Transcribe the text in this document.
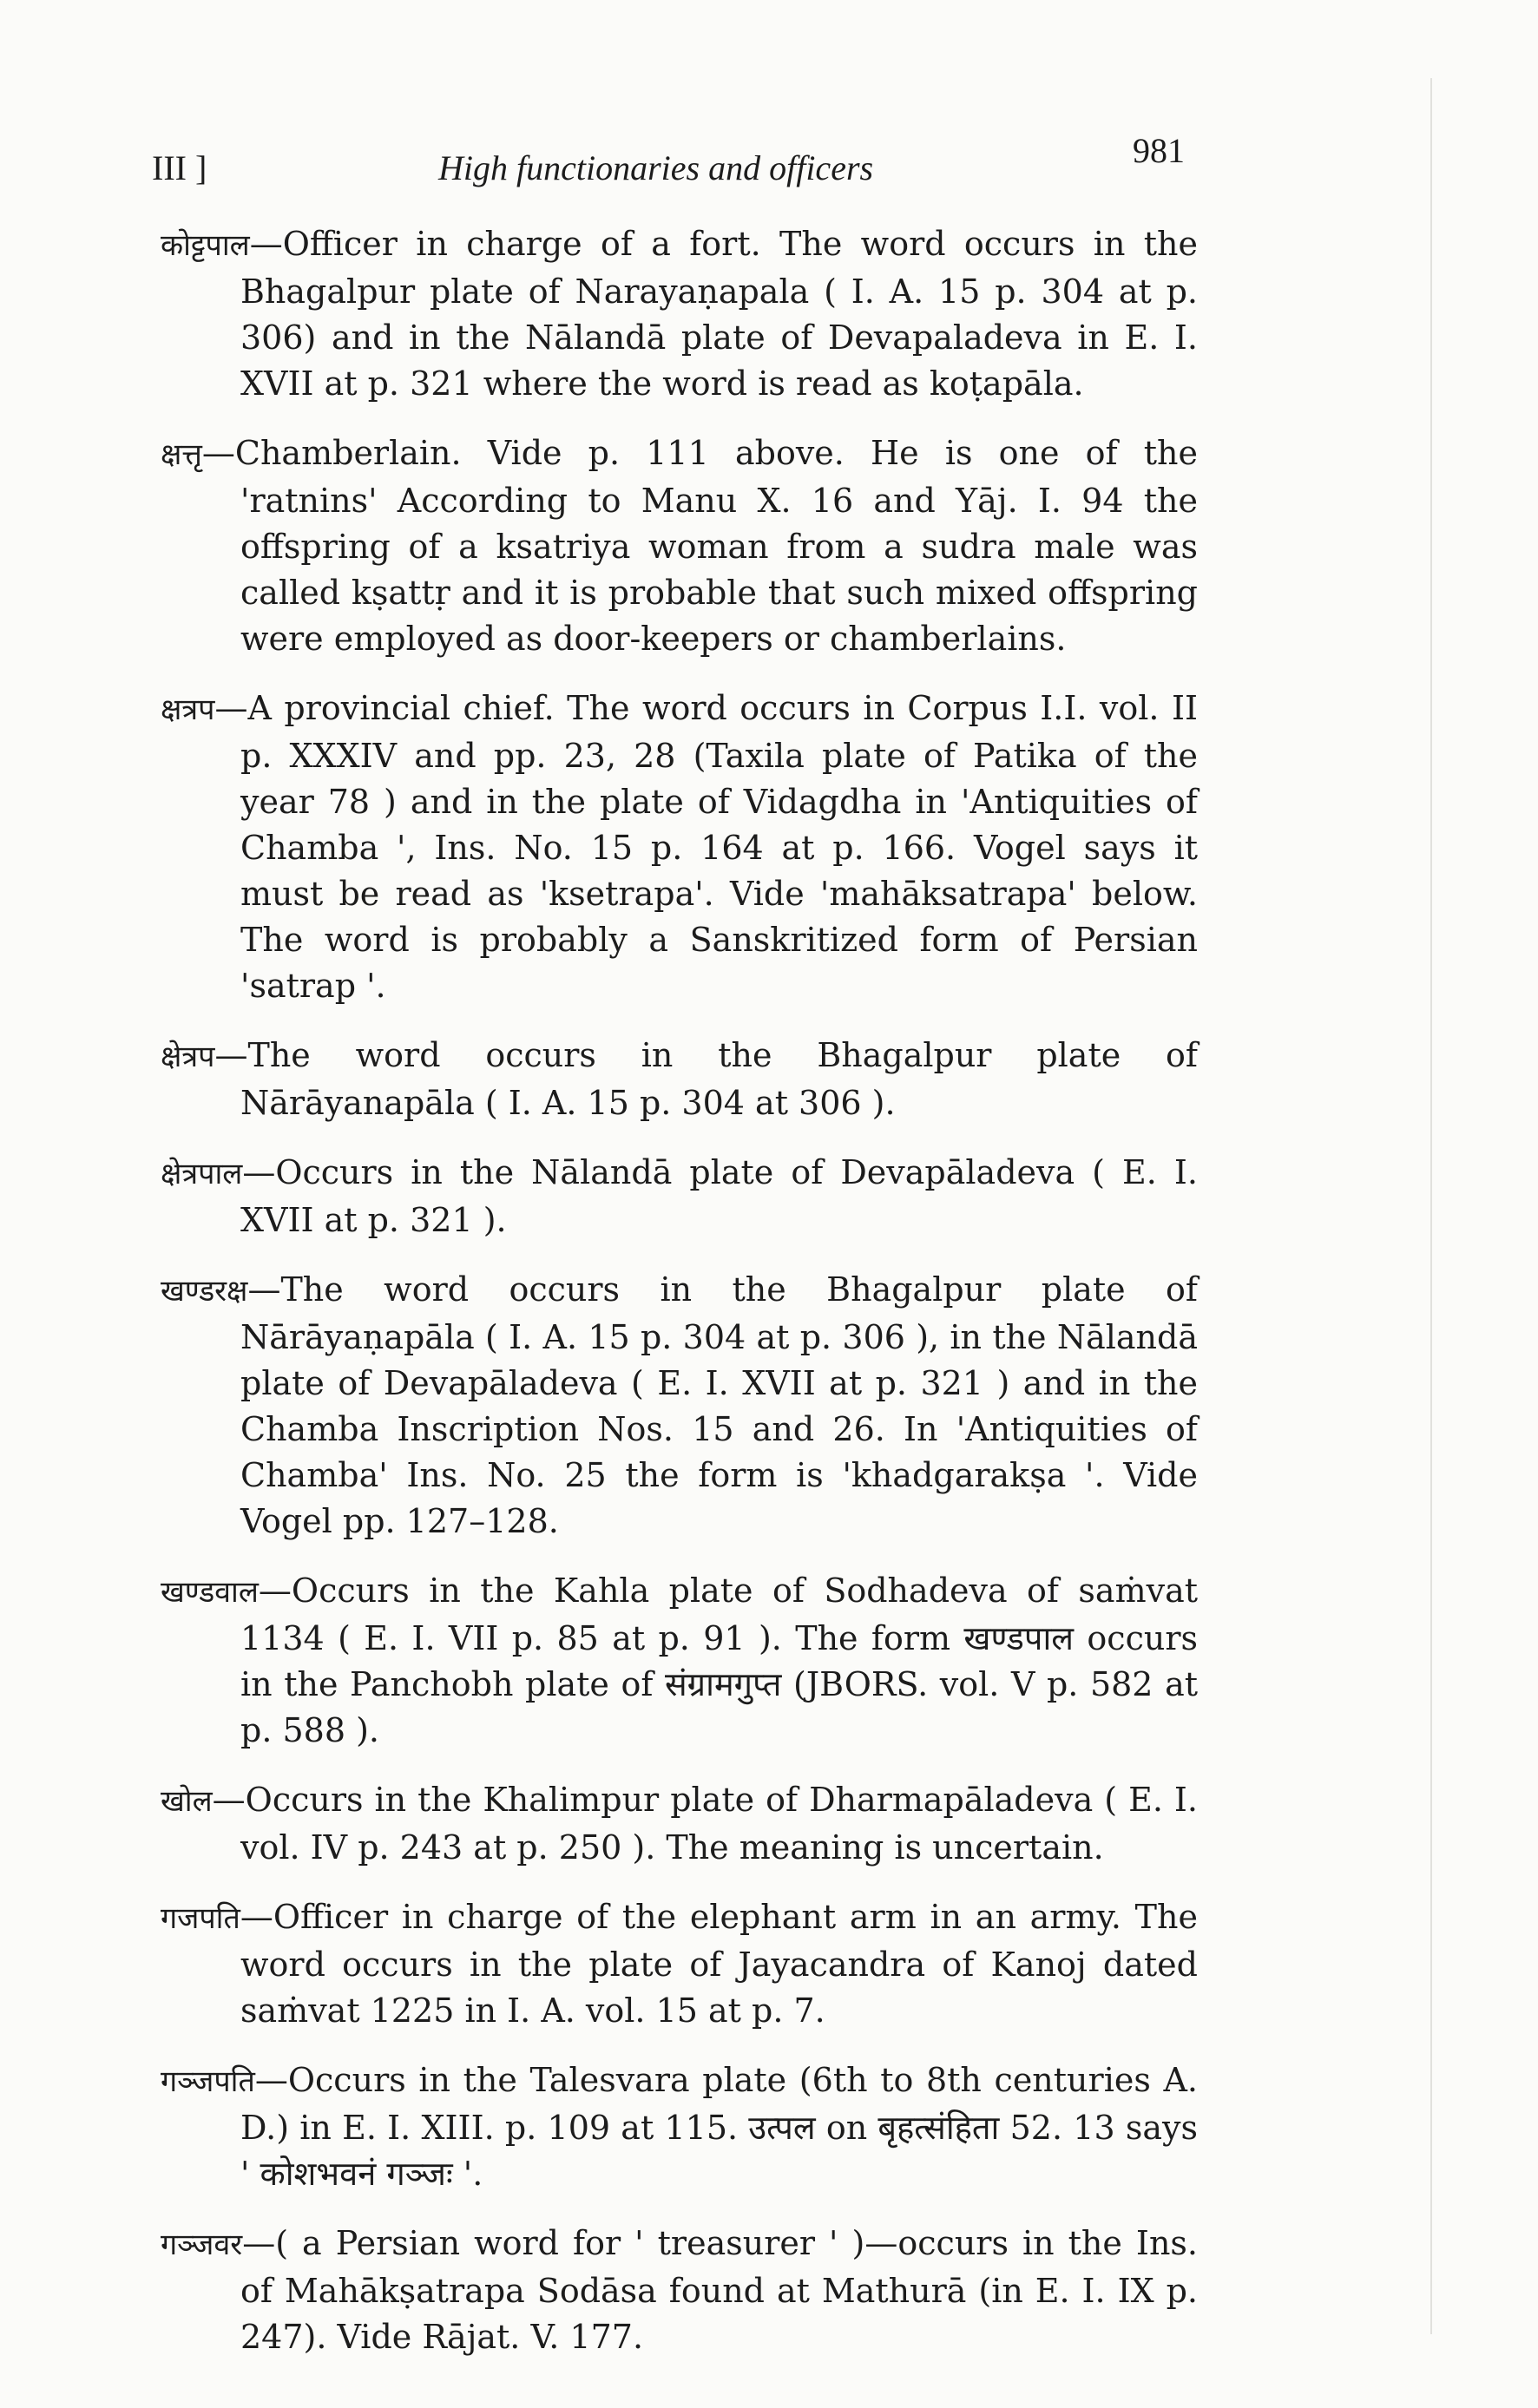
III ]	High functionaries and officers	981

कोट्टपाल—Officer in charge of a fort. The word occurs in the Bhagalpur plate of Narayaṇapala ( I. A. 15 p. 304 at p. 306) and in the Nālandā plate of Devapaladeva in E. I. XVII at p. 321 where the word is read as koṭapāla.

क्षत्तृ—Chamberlain. Vide p. 111 above. He is one of the 'ratnins' According to Manu X. 16 and Yāj. I. 94 the offspring of a ksatriya woman from a sudra male was called kṣattṛ and it is probable that such mixed offspring were employed as door-keepers or chamberlains.

क्षत्रप—A provincial chief. The word occurs in Corpus I.I. vol. II p. XXXIV and pp. 23, 28 (Taxila plate of Patika of the year 78 ) and in the plate of Vidagdha in 'Antiquities of Chamba ', Ins. No. 15 p. 164 at p. 166. Vogel says it must be read as 'ksetrapa'. Vide 'mahāksatrapa' below. The word is probably a Sanskritized form of Persian 'satrap '.

क्षेत्रप—The word occurs in the Bhagalpur plate of Nārāyanapāla ( I. A. 15 p. 304 at 306 ).

क्षेत्रपाल—Occurs in the Nālandā plate of Devapāladeva ( E. I. XVII at p. 321 ).

खण्डरक्ष—The word occurs in the Bhagalpur plate of Nārāyaṇapāla ( I. A. 15 p. 304 at p. 306 ), in the Nālandā plate of Devapāladeva ( E. I. XVII at p. 321 ) and in the Chamba Inscription Nos. 15 and 26. In 'Antiquities of Chamba' Ins. No. 25 the form is 'khadgarakṣa '. Vide Vogel pp. 127–128.

खण्डवाल—Occurs in the Kahla plate of Sodhadeva of saṁvat 1134 ( E. I. VII p. 85 at p. 91 ). The form खण्डपाल occurs in the Panchobh plate of संग्रामगुप्त (JBORS. vol. V p. 582 at p. 588 ).

खोल—Occurs in the Khalimpur plate of Dharmapāladeva ( E. I. vol. IV p. 243 at p. 250 ). The meaning is uncertain.

गजपति—Officer in charge of the elephant arm in an army. The word occurs in the plate of Jayacandra of Kanoj dated saṁvat 1225 in I. A. vol. 15 at p. 7.

गञ्जपति—Occurs in the Talesvara plate (6th to 8th centuries A. D.) in E. I. XIII. p. 109 at 115. उत्पल on बृहत्संहिता 52. 13 says ' कोशभवनं गञ्जः '.

गञ्जवर—( a Persian word for ' treasurer ' )—occurs in the Ins. of Mahākṣatrapa Sodāsa found at Mathurā (in E. I. IX p. 247). Vide Rājat. V. 177.
